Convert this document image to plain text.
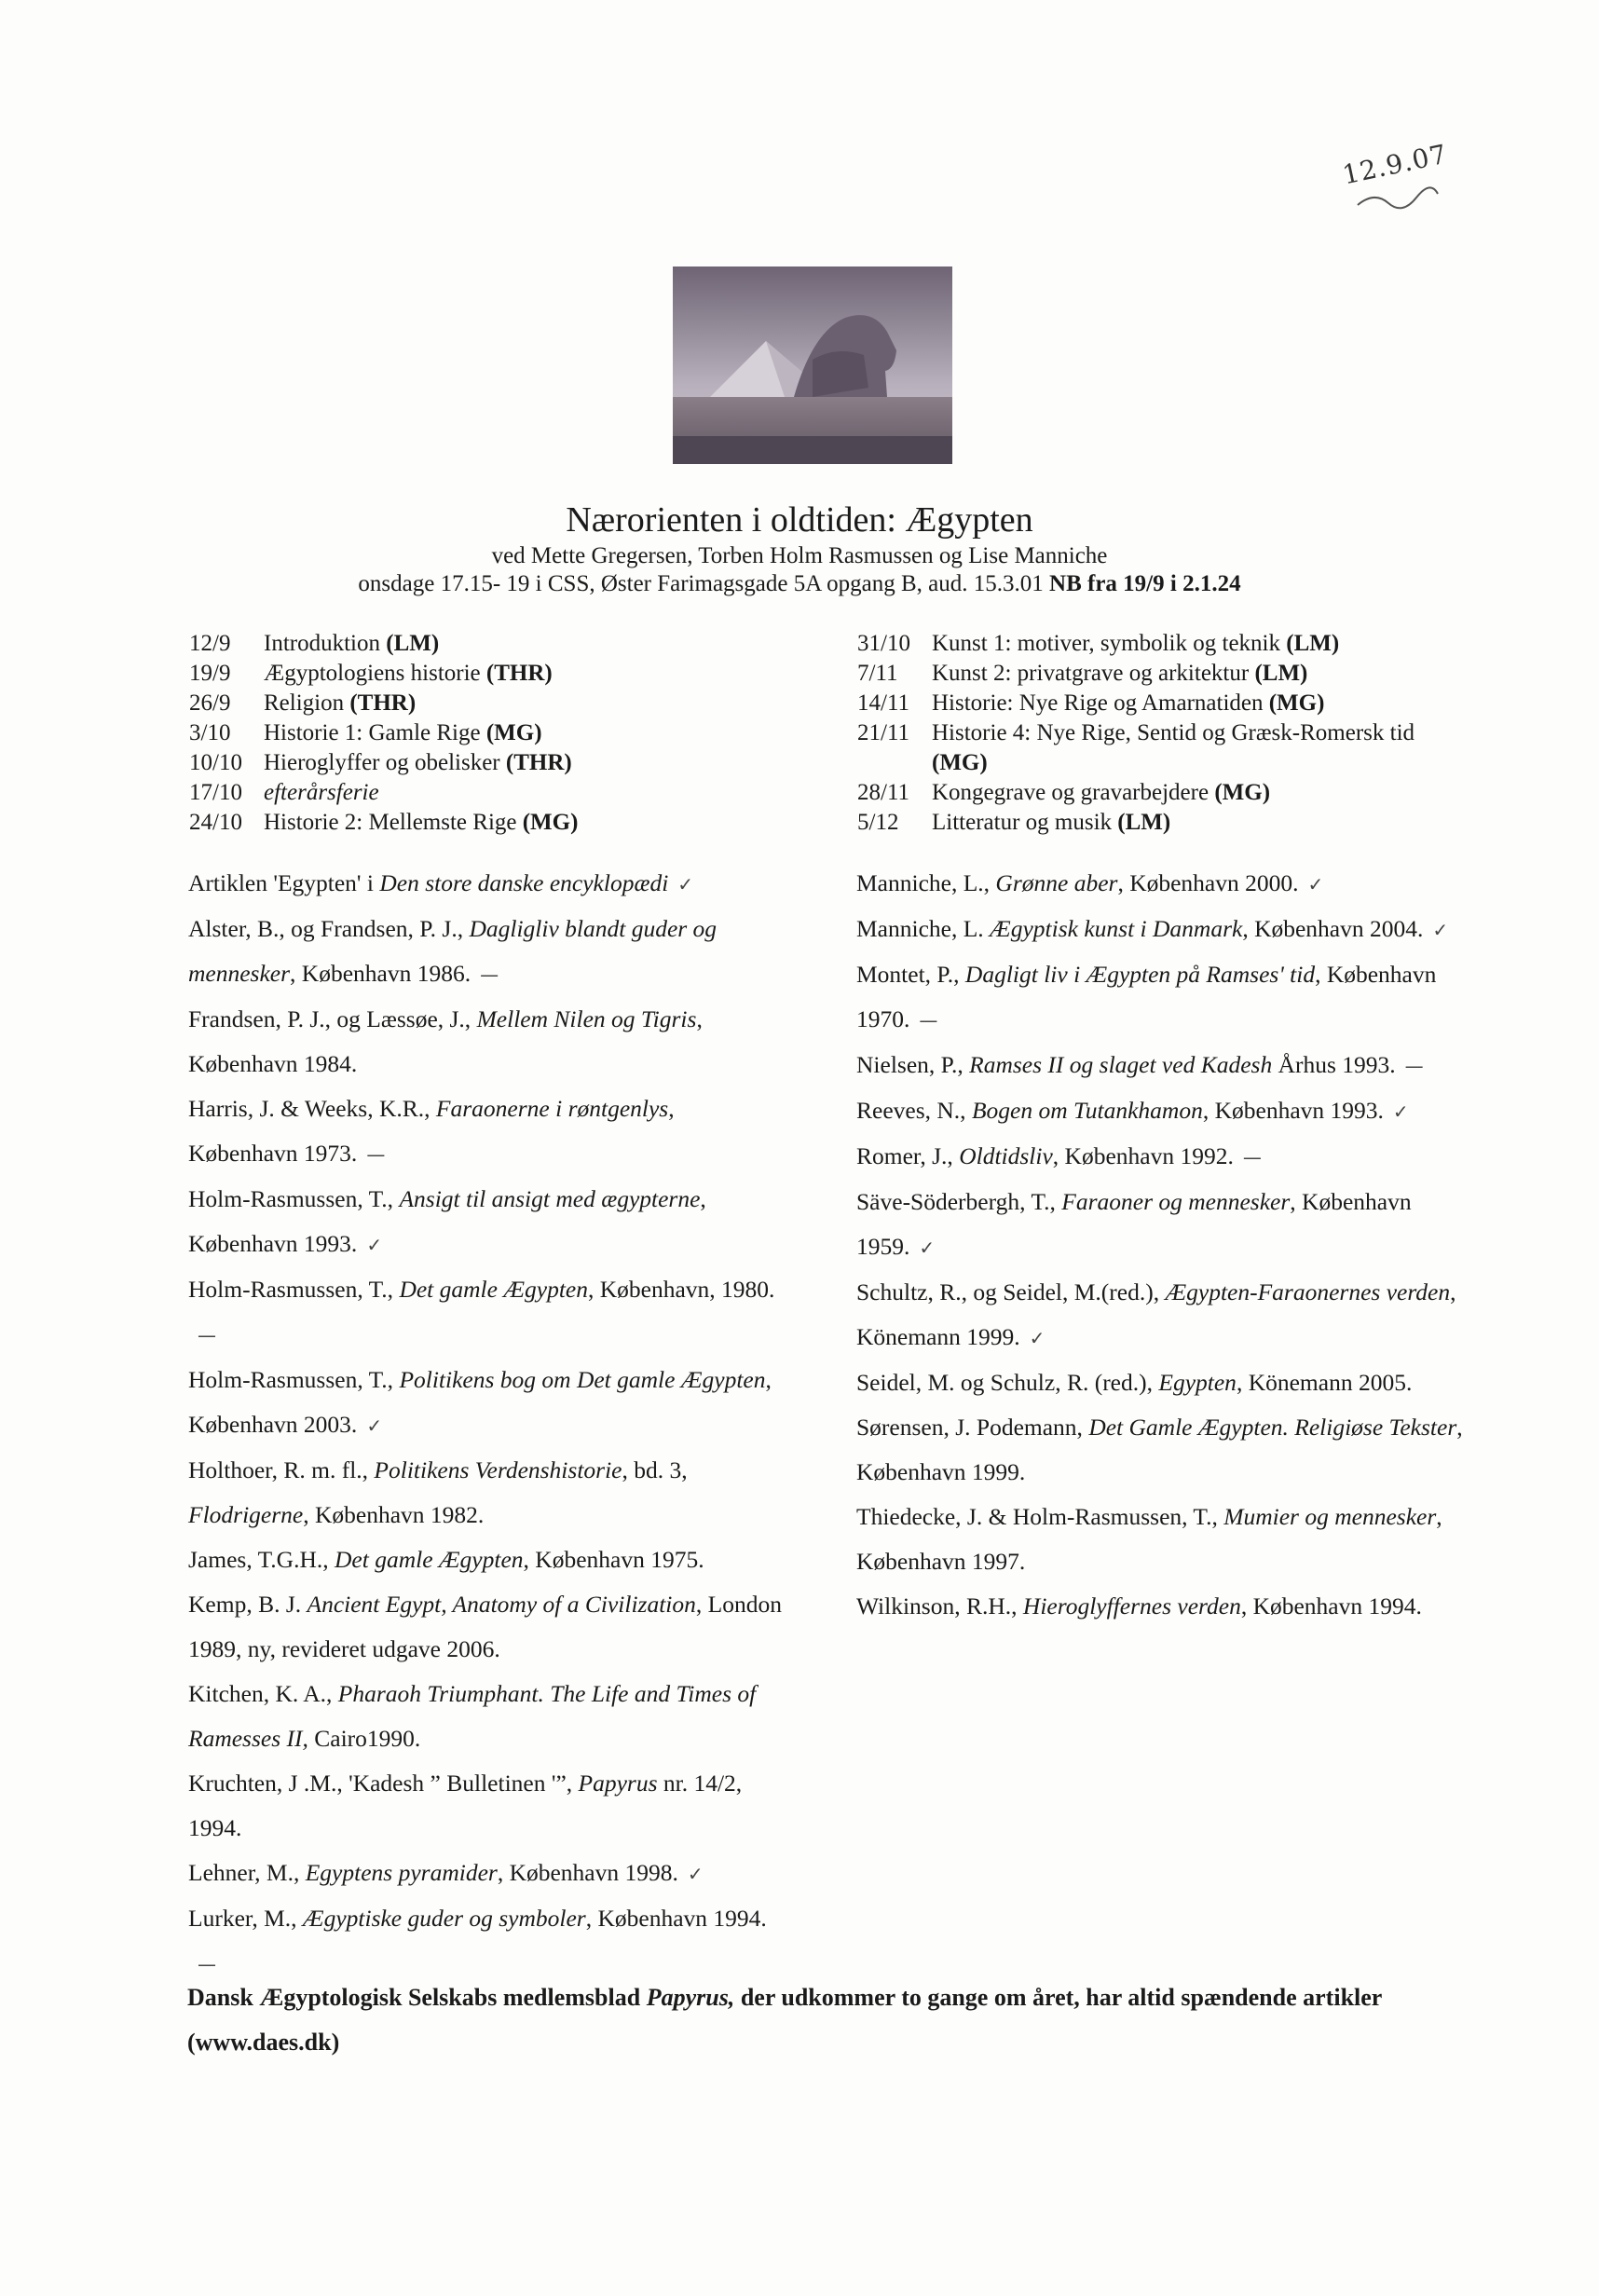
12.9.07
Nærorienten i oldtiden: Ægypten
ved Mette Gregersen, Torben Holm Rasmussen og Lise Manniche
onsdage 17.15- 19 i CSS, Øster Farimagsgade 5A opgang B, aud. 15.3.01 NB fra 19/9 i 2.1.24
12/9	Introduktion (LM)
19/9	Ægyptologiens historie (THR)
26/9	Religion (THR)
3/10	Historie 1: Gamle Rige (MG)
10/10 Hieroglyffer og obelisker (THR)
17/10 efterårsferie
24/10 Historie 2: Mellemste Rige (MG)
31/10 Kunst 1: motiver, symbolik og teknik (LM)
7/11	Kunst 2: privatgrave og arkitektur (LM)
14/11 Historie: Nye Rige og Amarnatiden (MG)
21/11 Historie 4: Nye Rige, Sentid og Græsk-Romersk tid (MG)
28/11 Kongegrave og gravarbejdere (MG)
5/12	Litteratur og musik (LM)

Artiklen 'Egypten' i Den store danske encyklopædi ✓

Alster, B., og Frandsen, P. J., Dagligliv blandt guder og mennesker, København 1986. —

Frandsen, P. J., og Læssøe, J., Mellem Nilen og Tigris, København 1984.

Harris, J. & Weeks, K.R., Faraonerne i røntgenlys, København 1973. —

Holm-Rasmussen, T., Ansigt til ansigt med ægypterne, København 1993. ✓

Holm-Rasmussen, T., Det gamle Ægypten, København, 1980.—

Holm-Rasmussen, T., Politikens bog om Det gamle Ægypten, København 2003. ✓

Holthoer, R. m. fl., Politikens Verdenshistorie, bd. 3, Flodrigerne, København 1982.

James, T.G.H., Det gamle Ægypten, København 1975.

Kemp, B. J. Ancient Egypt, Anatomy of a Civilization, London 1989, ny, revideret udgave 2006.

Kitchen, K. A., Pharaoh Triumphant. The Life and Times of Ramesses II, Cairo1990.

Kruchten, J .M., 'Kadesh ” Bulletinen '”, Papyrus nr. 14/2, 1994.

Lehner, M., Egyptens pyramider, København 1998. ✓

Lurker, M., Ægyptiske guder og symboler, København 1994.—

Manniche, L., Grønne aber, København 2000. ✓

Manniche, L. Ægyptisk kunst i Danmark, København 2004. ✓

Montet, P., Dagligt liv i Ægypten på Ramses' tid, København 1970. —

Nielsen, P., Ramses II og slaget ved Kadesh Århus 1993. —

Reeves, N., Bogen om Tutankhamon, København 1993. ✓

Romer, J., Oldtidsliv, København 1992. —

Säve-Söderbergh, T., Faraoner og mennesker, København 1959. ✓

Schultz, R., og Seidel, M.(red.), Ægypten-Faraonernes verden, Könemann 1999. ✓

Seidel, M. og Schulz, R. (red.), Egypten, Könemann 2005.

Sørensen, J. Podemann, Det Gamle Ægypten. Religiøse Tekster, København 1999.

Thiedecke, J. & Holm-Rasmussen, T., Mumier og mennesker, København 1997.

Wilkinson, R.H., Hieroglyffernes verden, København 1994.

Dansk Ægyptologisk Selskabs medlemsblad Papyrus, der udkommer to gange om året, har altid spændende artikler (www.daes.dk)
